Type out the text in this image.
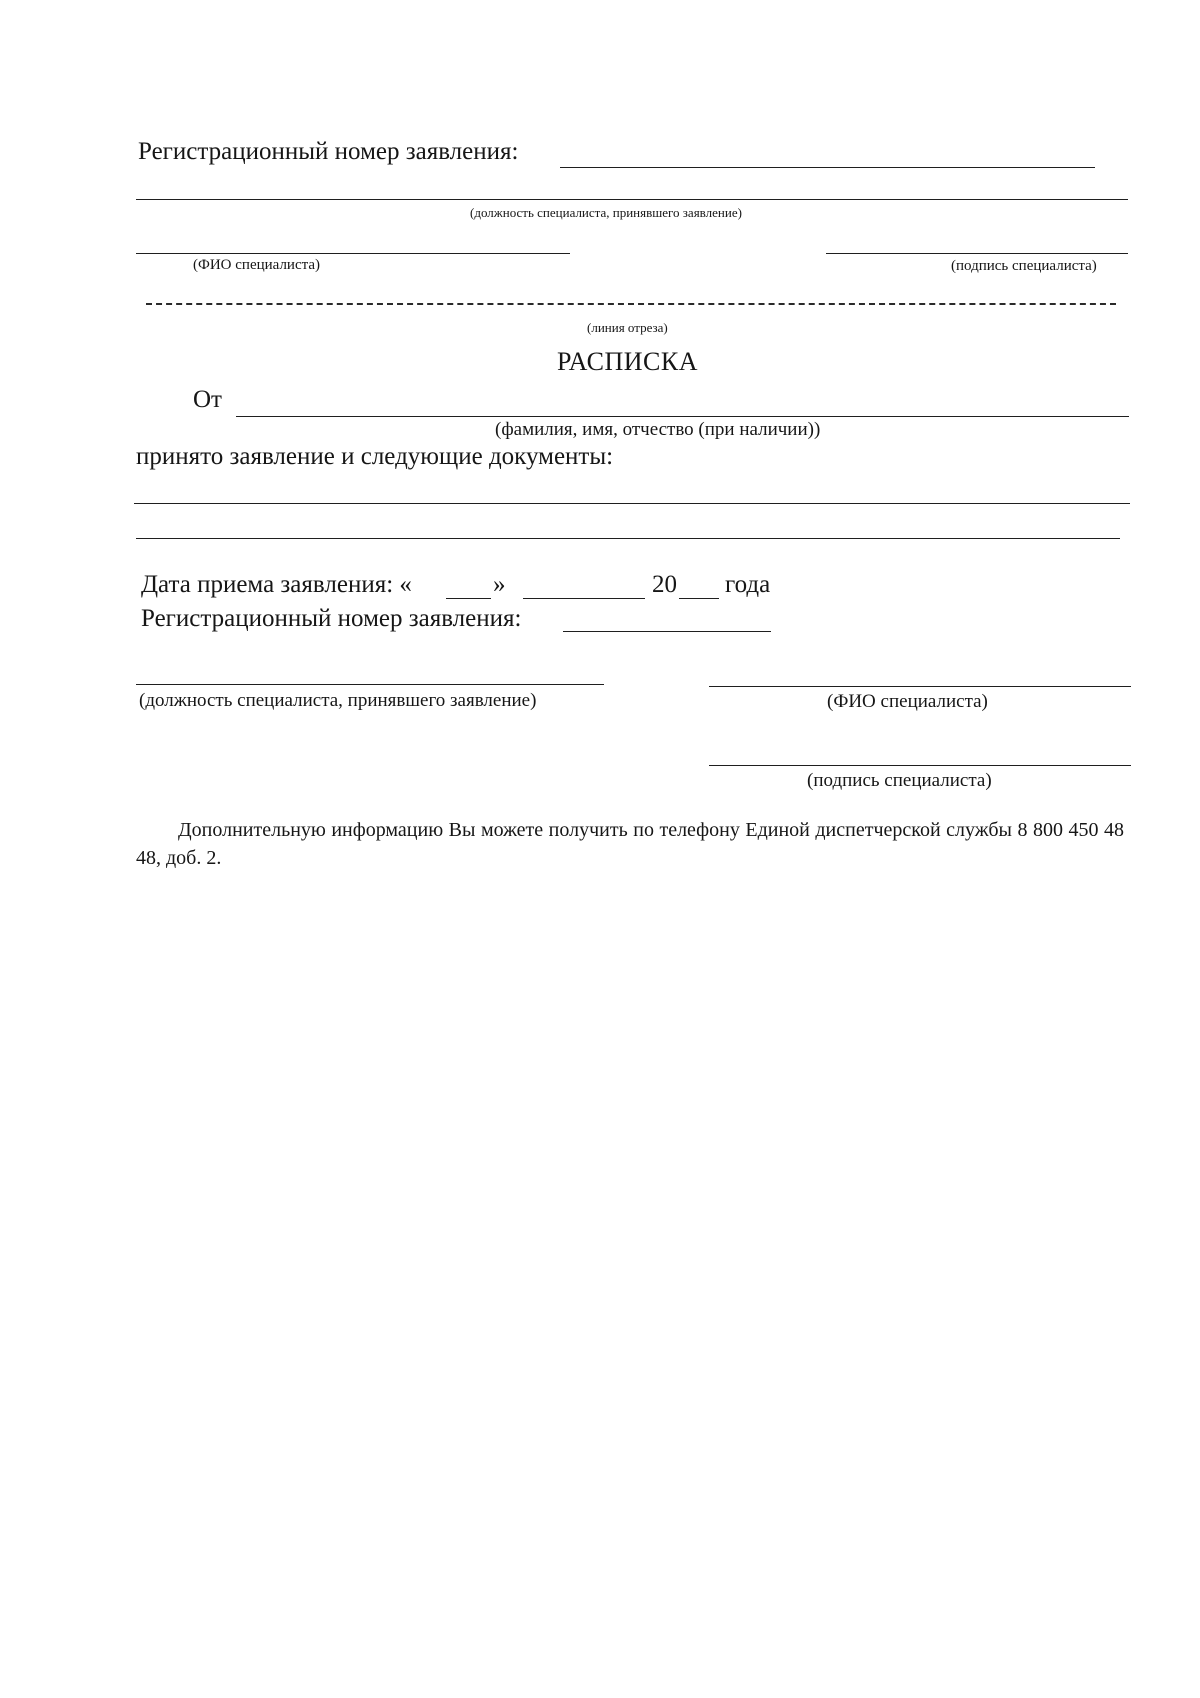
Регистрационный номер заявления:
(должность специалиста, принявшего заявление)
(ФИО специалиста)	(подпись специалиста)
(линия отреза)
РАСПИСКА
От
(фамилия, имя, отчество (при наличии))
принято заявление и следующие документы:
Дата приема заявления: «	»	20 года
Регистрационный номер заявления:
(должность специалиста, принявшего заявление)	(ФИО специалиста)
(подпись специалиста)
Дополнительную информацию Вы можете получить по телефону Единой диспетчерской службы 8 800 450 48 48, доб. 2.
